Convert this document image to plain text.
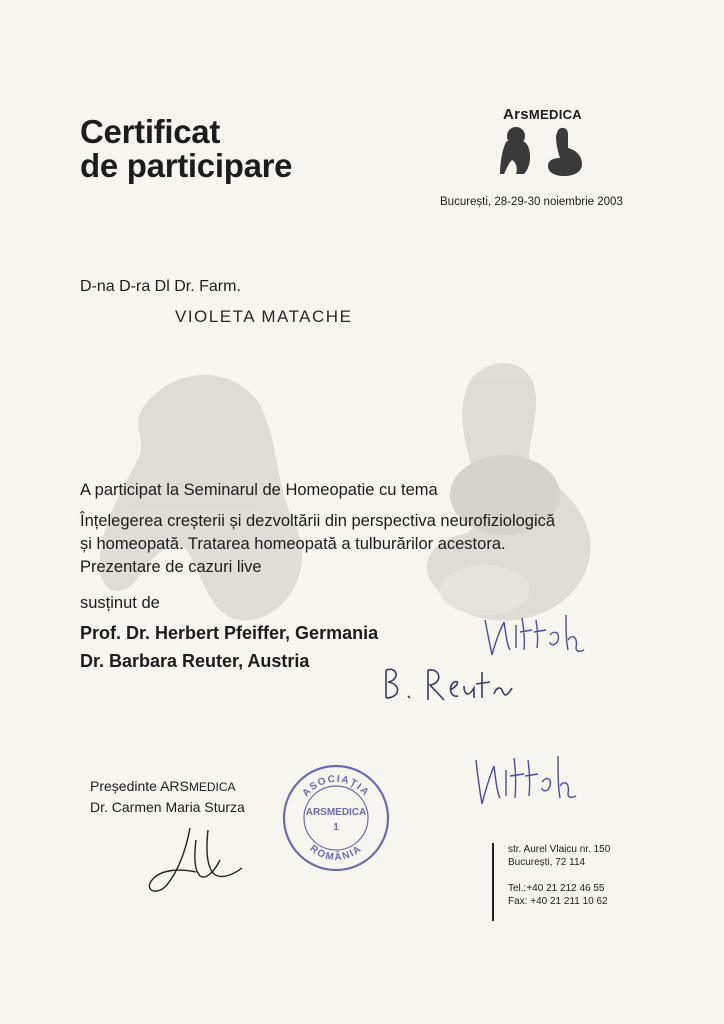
Certificat
de participare
ArsMEDICA
București, 28-29-30 noiembrie 2003
D-na D-ra Dl Dr. Farm.
VIOLETA MATACHE
A participat la Seminarul de Homeopatie cu tema
Înțelegerea creșterii și dezvoltării din perspectiva neurofiziologică
și homeopată. Tratarea homeopată a tulburărilor acestora.
Prezentare de cazuri live
susținut de
Prof. Dr. Herbert Pfeiffer, Germania
Dr. Barbara Reuter, Austria
Președinte ARSMEDICA
Dr. Carmen Maria Sturza
ASOCIAȚIA
ROMÂNIA
ARSMEDICA
1
str. Aurel Vlaicu nr. 150
București, 72 114
Tel.:+40 21 212 46 55
Fax: +40 21 211 10 62
